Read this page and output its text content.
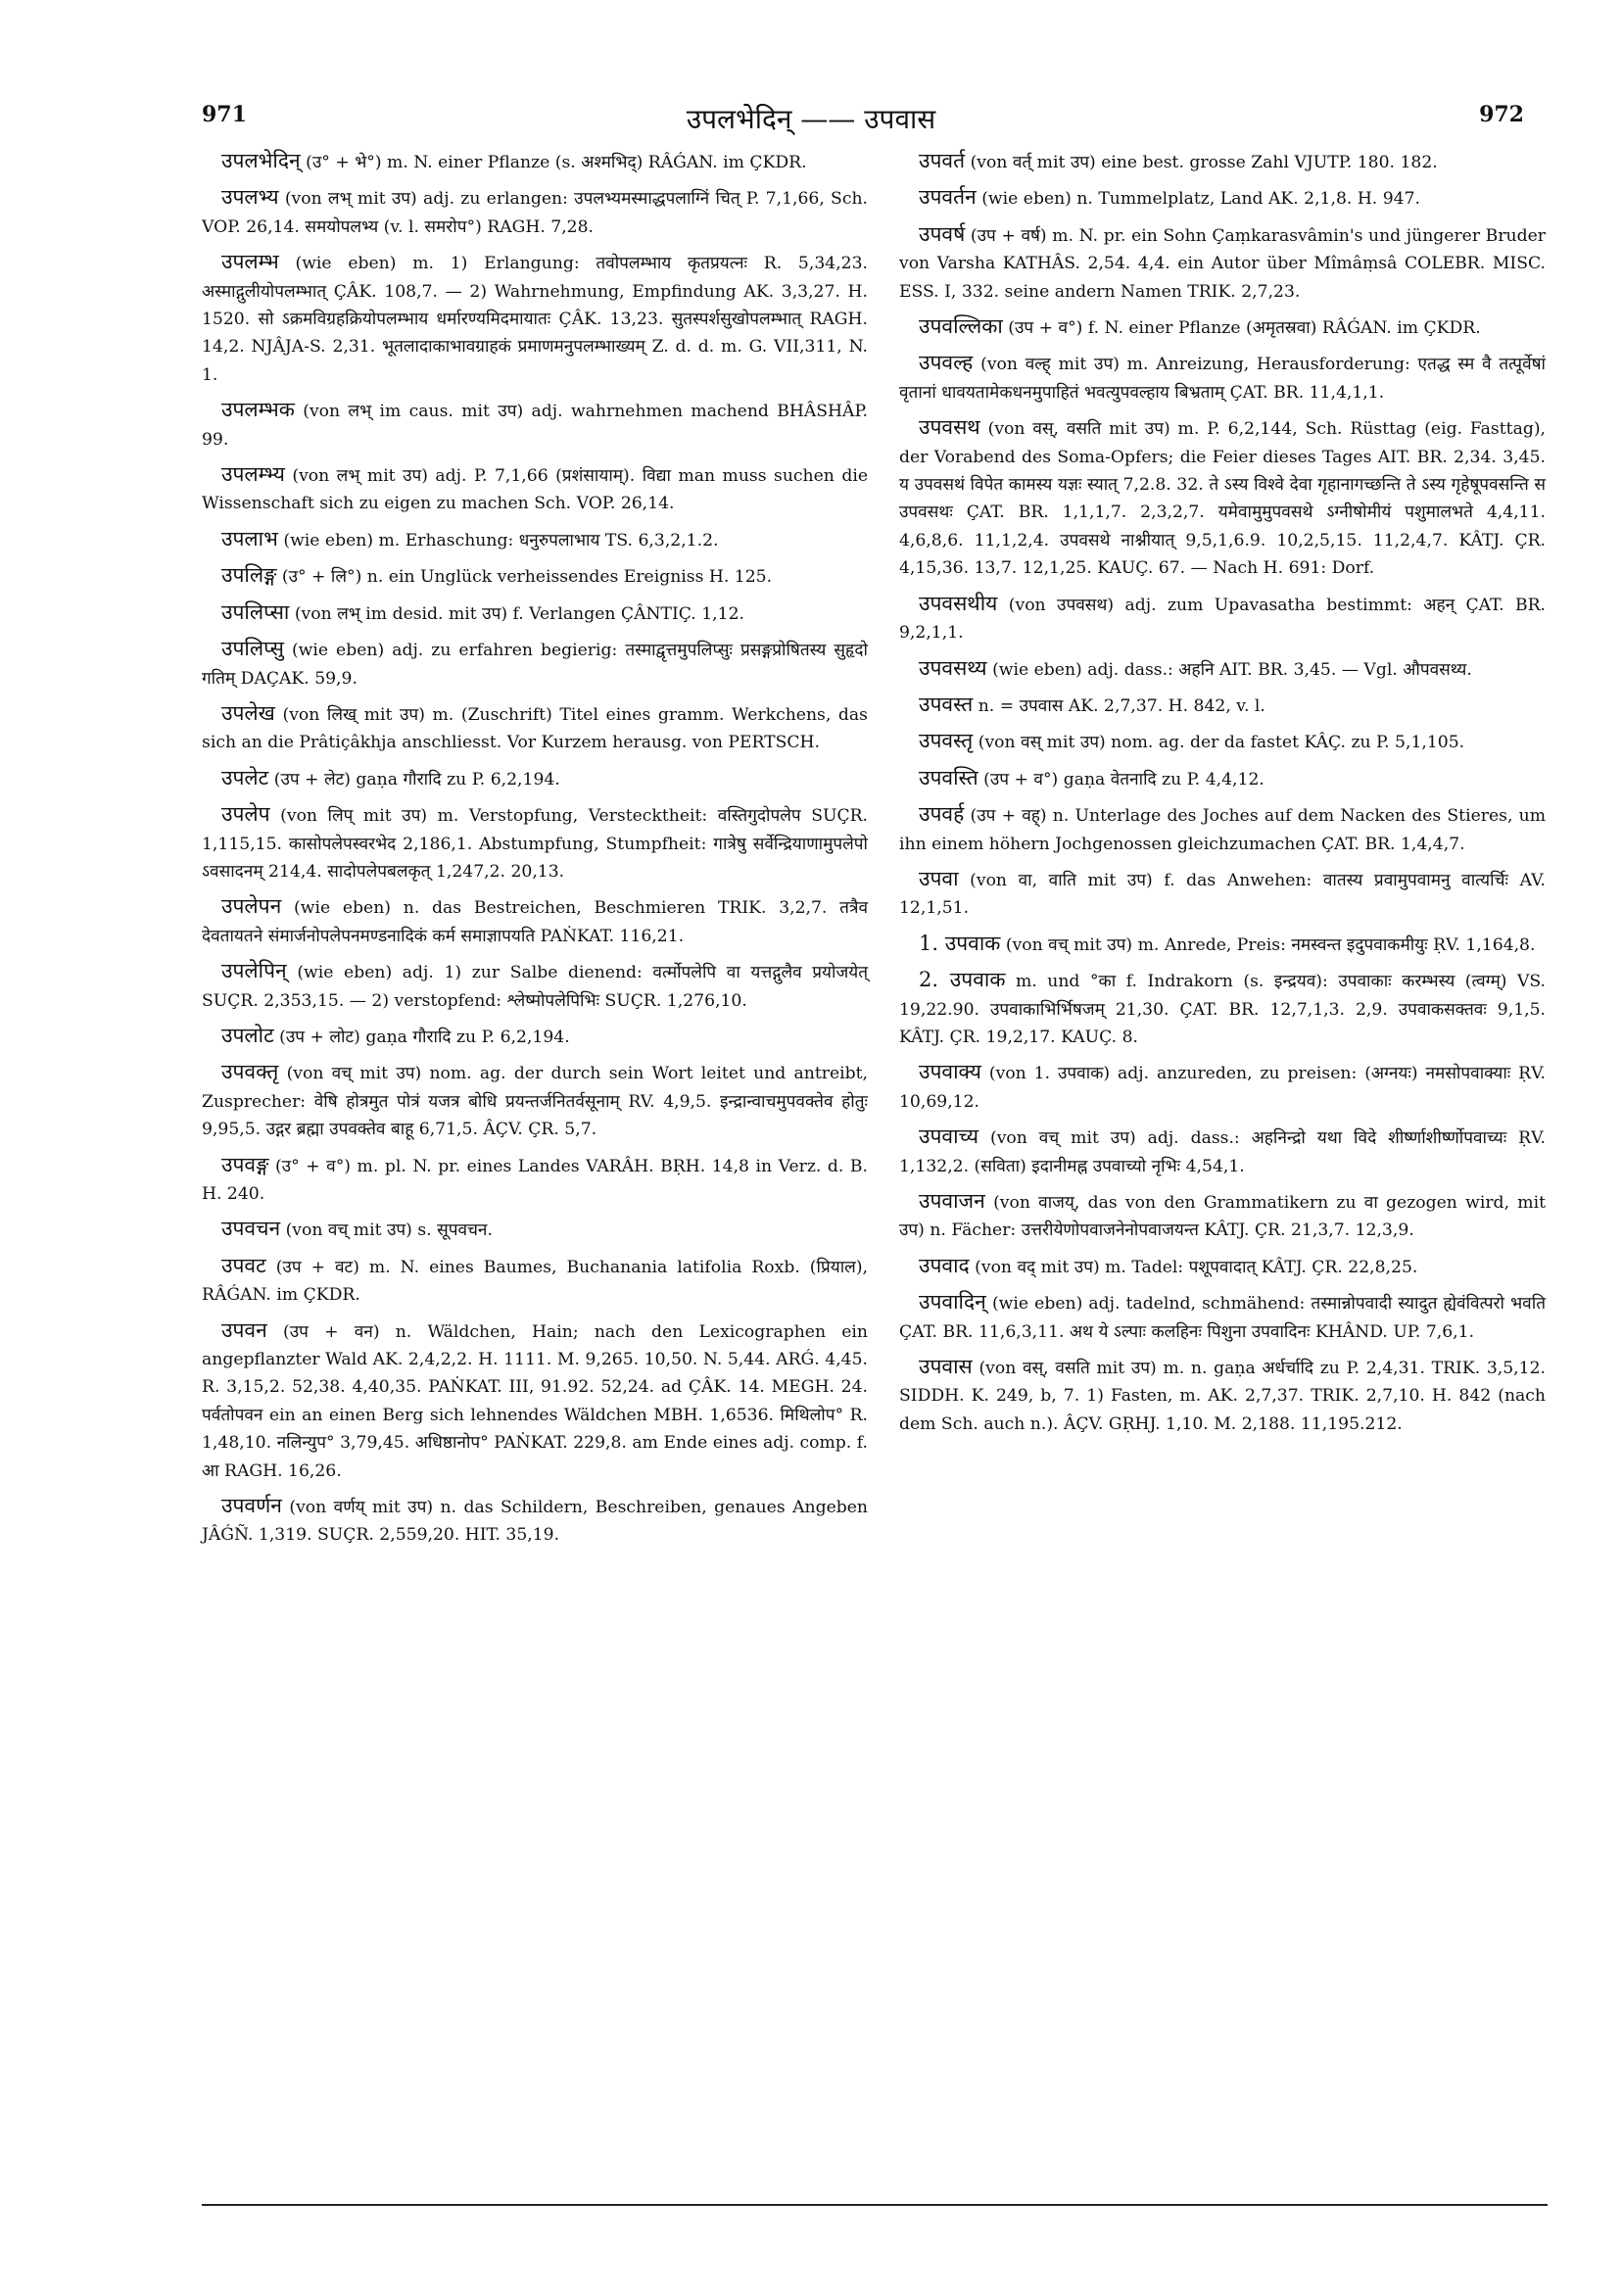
971	उपलभेदिन् —— उपवास	972

उपलभेदिन् (उ° + भे°) m. N. einer Pflanze (s. अश्मभिद्) RÂǴAN. im ÇKDR.

उपलभ्य (von लभ् mit उप) adj. zu erlangen: उपलभ्यमस्माद्धपलाग्निं चित् P. 7,1,66, Sch. VOP. 26,14. समयोपलभ्य (v. l. समरोप°) RAGH. 7,28.

उपलम्भ (wie eben) m. 1) Erlangung: तवोपलम्भाय कृतप्रयत्नः R. 5,34,23. अस्माद्गुलीयोपलम्भात् ÇÂK. 108,7. — 2) Wahrnehmung, Empfindung AK. 3,3,27. H. 1520. सो ऽक्रमविग्रहक्रियोपलम्भाय धर्मारण्यमिदमायातः ÇÂK. 13,23. सुतस्पर्शसुखोपलम्भात् RAGH. 14,2. NJÂJA-S. 2,31. भूतलादाकाभावग्राहकं प्रमाणमनुपलम्भाख्यम् Z. d. d. m. G. VII,311, N. 1.

उपलम्भक (von लभ् im caus. mit उप) adj. wahrnehmen machend BHÂSHÂP. 99.

उपलम्भ्य (von लभ् mit उप) adj. P. 7,1,66 (प्रशंसायाम्). विद्या man muss suchen die Wissenschaft sich zu eigen zu machen Sch. VOP. 26,14.

उपलाभ (wie eben) m. Erhaschung: धनुरुपलाभाय TS. 6,3,2,1.2.

उपलिङ्ग (उ° + लि°) n. ein Unglück verheissendes Ereigniss H. 125.

उपलिप्सा (von लभ् im desid. mit उप) f. Verlangen ÇÂNTIÇ. 1,12.

उपलिप्सु (wie eben) adj. zu erfahren begierig: तस्माद्वृत्तमुपलिप्सुः प्रसङ्गप्रोषितस्य सुहृदो गतिम् DAÇAK. 59,9.

उपलेख (von लिख् mit उप) m. (Zuschrift) Titel eines gramm. Werkchens, das sich an die Prâtiçâkhja anschliesst. Vor Kurzem herausg. von PERTSCH.

उपलेट (उप + लेट) gaṇa गौरादि zu P. 6,2,194.

उपलेप (von लिप् mit उप) m. Verstopfung, Verstecktheit: वस्तिगुदोपलेप SUÇR. 1,115,15. कासोपलेपस्वरभेद 2,186,1. Abstumpfung, Stumpfheit: गात्रेषु सर्वेन्द्रियाणामुपलेपो ऽवसादनम् 214,4. सादोपलेपबलकृत् 1,247,2. 20,13.

उपलेपन (wie eben) n. das Bestreichen, Beschmieren TRIK. 3,2,7. तत्रैव देवतायतने संमार्जनोपलेपनमण्डनादिकं कर्म समाज्ञापयति PAṄKAT. 116,21.

उपलेपिन् (wie eben) adj. 1) zur Salbe dienend: वर्त्मोपलेपि वा यत्तद्गुलैव प्रयोजयेत् SUÇR. 2,353,15. — 2) verstopfend: श्लेष्मोपलेपिभिः SUÇR. 1,276,10.

उपलोट (उप + लोट) gaṇa गौरादि zu P. 6,2,194.

उपवक्तृ (von वच् mit उप) nom. ag. der durch sein Wort leitet und antreibt, Zusprecher: वेषि होत्रमुत पोत्रं यजत्र बोधि प्रयन्तर्जनितर्वसूनाम् RV. 4,9,5. इन्द्रान्वाचमुपवक्तेव होतुः 9,95,5. उद्गर ब्रह्मा उपवक्तेव बाहू 6,71,5. ÂÇV. ÇR. 5,7.

उपवङ्ग (उ° + व°) m. pl. N. pr. eines Landes VARÂH. BṚH. 14,8 in Verz. d. B. H. 240.

उपवचन (von वच् mit उप) s. सूपवचन.

उपवट (उप + वट) m. N. eines Baumes, Buchanania latifolia Roxb. (प्रियाल), RÂǴAN. im ÇKDR.

उपवन (उप + वन) n. Wäldchen, Hain; nach den Lexicographen ein angepflanzter Wald AK. 2,4,2,2. H. 1111. M. 9,265. 10,50. N. 5,44. ARǴ. 4,45. R. 3,15,2. 52,38. 4,40,35. PAṄKAT. III, 91.92. 52,24. ad ÇÂK. 14. MEGH. 24. पर्वतोपवन ein an einen Berg sich lehnendes Wäldchen MBH. 1,6536. मिथिलोप° R. 1,48,10. नलिन्युप° 3,79,45. अधिष्ठानोप° PAṄKAT. 229,8. am Ende eines adj. comp. f. आ RAGH. 16,26.

उपवर्णन (von वर्णय् mit उप) n. das Schildern, Beschreiben, genaues Angeben JÂǴÑ. 1,319. SUÇR. 2,559,20. HIT. 35,19.

उपवर्त (von वर्त् mit उप) eine best. grosse Zahl VJUTP. 180. 182.

उपवर्तन (wie eben) n. Tummelplatz, Land AK. 2,1,8. H. 947.

उपवर्ष (उप + वर्ष) m. N. pr. ein Sohn Çaṃkarasvâmin's und jüngerer Bruder von Varsha KATHÂS. 2,54. 4,4. ein Autor über Mîmâṃsâ COLEBR. MISC. ESS. I, 332. seine andern Namen TRIK. 2,7,23.

उपवल्लिका (उप + व°) f. N. einer Pflanze (अमृतस्रवा) RÂǴAN. im ÇKDR.

उपवल्ह (von वल्ह् mit उप) m. Anreizung, Herausforderung: एतद्ध स्म वै तत्पूर्वेषां वृतानां धावयतामेकधनमुपाहितं भवत्युपवल्हाय बिभ्रताम् ÇAT. BR. 11,4,1,1.

उपवसथ (von वस्, वसति mit उप) m. P. 6,2,144, Sch. Rüsttag (eig. Fasttag), der Vorabend des Soma-Opfers; die Feier dieses Tages AIT. BR. 2,34. 3,45. य उपवसथं विपेत कामस्य यज्ञः स्यात् 7,2.8. 32. ते ऽस्य विश्वे देवा गृहानागच्छन्ति ते ऽस्य गृहेषूपवसन्ति स उपवसथः ÇAT. BR. 1,1,1,7. 2,3,2,7. यमेवामुमुपवसथे ऽग्नीषोमीयं पशुमालभते 4,4,11. 4,6,8,6. 11,1,2,4. उपवसथे नाश्नीयात् 9,5,1,6.9. 10,2,5,15. 11,2,4,7. KÂTJ. ÇR. 4,15,36. 13,7. 12,1,25. KAUÇ. 67. — Nach H. 691: Dorf.

उपवसथीय (von उपवसथ) adj. zum Upavasatha bestimmt: अहन् ÇAT. BR. 9,2,1,1.

उपवसथ्य (wie eben) adj. dass.: अहनि AIT. BR. 3,45. — Vgl. औपवसथ्य.

उपवस्त n. = उपवास AK. 2,7,37. H. 842, v. l.

उपवस्तृ (von वस् mit उप) nom. ag. der da fastet KÂÇ. zu P. 5,1,105.

उपवस्ति (उप + व°) gaṇa वेतनादि zu P. 4,4,12.

उपवर्ह (उप + वह्) n. Unterlage des Joches auf dem Nacken des Stieres, um ihn einem höhern Jochgenossen gleichzumachen ÇAT. BR. 1,4,4,7.

उपवा (von वा, वाति mit उप) f. das Anwehen: वातस्य प्रवामुपवामनु वात्यर्चिः AV. 12,1,51.

1. उपवाक (von वच् mit उप) m. Anrede, Preis: नमस्वन्त इदुपवाकमीयुः ṚV. 1,164,8.

2. उपवाक m. und °का f. Indrakorn (s. इन्द्रयव): उपवाकाः करम्भस्य (त्वग्म्) VS. 19,22.90. उपवाकाभिर्भिषजम् 21,30. ÇAT. BR. 12,7,1,3. 2,9. उपवाकसक्तवः 9,1,5. KÂTJ. ÇR. 19,2,17. KAUÇ. 8.

उपवाक्य (von 1. उपवाक) adj. anzureden, zu preisen: (अग्नयः) नमसोपवाक्याः ṚV. 10,69,12.

उपवाच्य (von वच् mit उप) adj. dass.: अहनिन्द्रो यथा विदे शीर्ष्णाशीर्ष्णोपवाच्यः ṚV. 1,132,2. (सविता) इदानीमह्न उपवाच्यो नृभिः 4,54,1.

उपवाजन (von वाजय्, das von den Grammatikern zu वा gezogen wird, mit उप) n. Fächer: उत्तरीयेणोपवाजनेनोपवाजयन्त KÂTJ. ÇR. 21,3,7. 12,3,9.

उपवाद (von वद् mit उप) m. Tadel: पशूपवादात् KÂTJ. ÇR. 22,8,25.

उपवादिन् (wie eben) adj. tadelnd, schmähend: तस्मान्नोपवादी स्यादुत ह्येवंवित्परो भवति ÇAT. BR. 11,6,3,11. अथ ये ऽल्पाः कलहिनः पिशुना उपवादिनः KHÂND. UP. 7,6,1.

उपवास (von वस्, वसति mit उप) m. n. gaṇa अर्धर्चादि zu P. 2,4,31. TRIK. 3,5,12. SIDDH. K. 249, b, 7. 1) Fasten, m. AK. 2,7,37. TRIK. 2,7,10. H. 842 (nach dem Sch. auch n.). ÂÇV. GṚHJ. 1,10. M. 2,188. 11,195.212.
